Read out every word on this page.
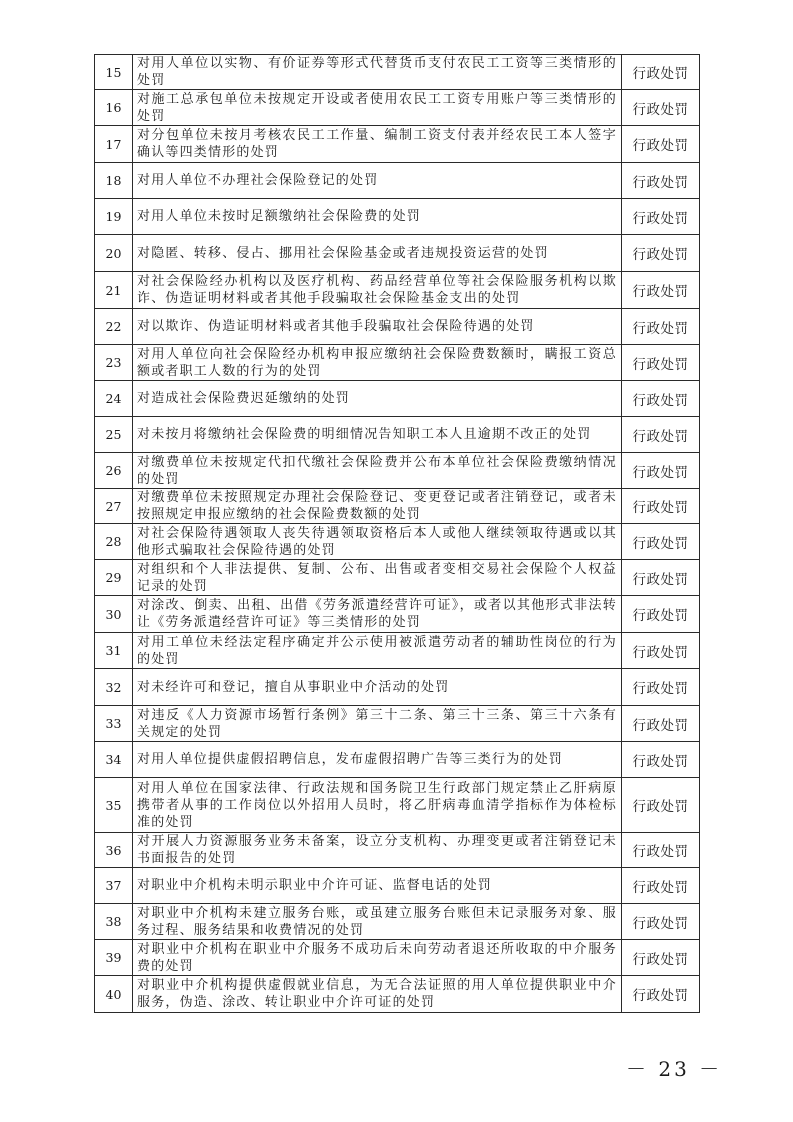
15	对用人单位以实物、有价证券等形式代替货币支付农民工工资等三类情形的处罚	行政处罚
16	对施工总承包单位未按规定开设或者使用农民工工资专用账户等三类情形的处罚	行政处罚
17	对分包单位未按月考核农民工工作量、编制工资支付表并经农民工本人签字确认等四类情形的处罚	行政处罚
18	对用人单位不办理社会保险登记的处罚	行政处罚
19	对用人单位未按时足额缴纳社会保险费的处罚	行政处罚
20	对隐匿、转移、侵占、挪用社会保险基金或者违规投资运营的处罚	行政处罚
21	对社会保险经办机构以及医疗机构、药品经营单位等社会保险服务机构以欺诈、伪造证明材料或者其他手段骗取社会保险基金支出的处罚	行政处罚
22	对以欺诈、伪造证明材料或者其他手段骗取社会保险待遇的处罚	行政处罚
23	对用人单位向社会保险经办机构申报应缴纳社会保险费数额时，瞒报工资总额或者职工人数的行为的处罚	行政处罚
24	对造成社会保险费迟延缴纳的处罚	行政处罚
25	对未按月将缴纳社会保险费的明细情况告知职工本人且逾期不改正的处罚	行政处罚
26	对缴费单位未按规定代扣代缴社会保险费并公布本单位社会保险费缴纳情况的处罚	行政处罚
27	对缴费单位未按照规定办理社会保险登记、变更登记或者注销登记，或者未按照规定申报应缴纳的社会保险费数额的处罚	行政处罚
28	对社会保险待遇领取人丧失待遇领取资格后本人或他人继续领取待遇或以其他形式骗取社会保险待遇的处罚	行政处罚
29	对组织和个人非法提供、复制、公布、出售或者变相交易社会保险个人权益记录的处罚	行政处罚
30	对涂改、倒卖、出租、出借《劳务派遣经营许可证》，或者以其他形式非法转让《劳务派遣经营许可证》等三类情形的处罚	行政处罚
31	对用工单位未经法定程序确定并公示使用被派遣劳动者的辅助性岗位的行为的处罚	行政处罚
32	对未经许可和登记，擅自从事职业中介活动的处罚	行政处罚
33	对违反《人力资源市场暂行条例》第三十二条、第三十三条、第三十六条有关规定的处罚	行政处罚
34	对用人单位提供虚假招聘信息，发布虚假招聘广告等三类行为的处罚	行政处罚
35	对用人单位在国家法律、行政法规和国务院卫生行政部门规定禁止乙肝病原携带者从事的工作岗位以外招用人员时，将乙肝病毒血清学指标作为体检标准的处罚	行政处罚
36	对开展人力资源服务业务未备案，设立分支机构、办理变更或者注销登记未书面报告的处罚	行政处罚
37	对职业中介机构未明示职业中介许可证、监督电话的处罚	行政处罚
38	对职业中介机构未建立服务台账，或虽建立服务台账但未记录服务对象、服务过程、服务结果和收费情况的处罚	行政处罚
39	对职业中介机构在职业中介服务不成功后未向劳动者退还所收取的中介服务费的处罚	行政处罚
40	对职业中介机构提供虚假就业信息，为无合法证照的用人单位提供职业中介服务，伪造、涂改、转让职业中介许可证的处罚	行政处罚
－ 23 －
